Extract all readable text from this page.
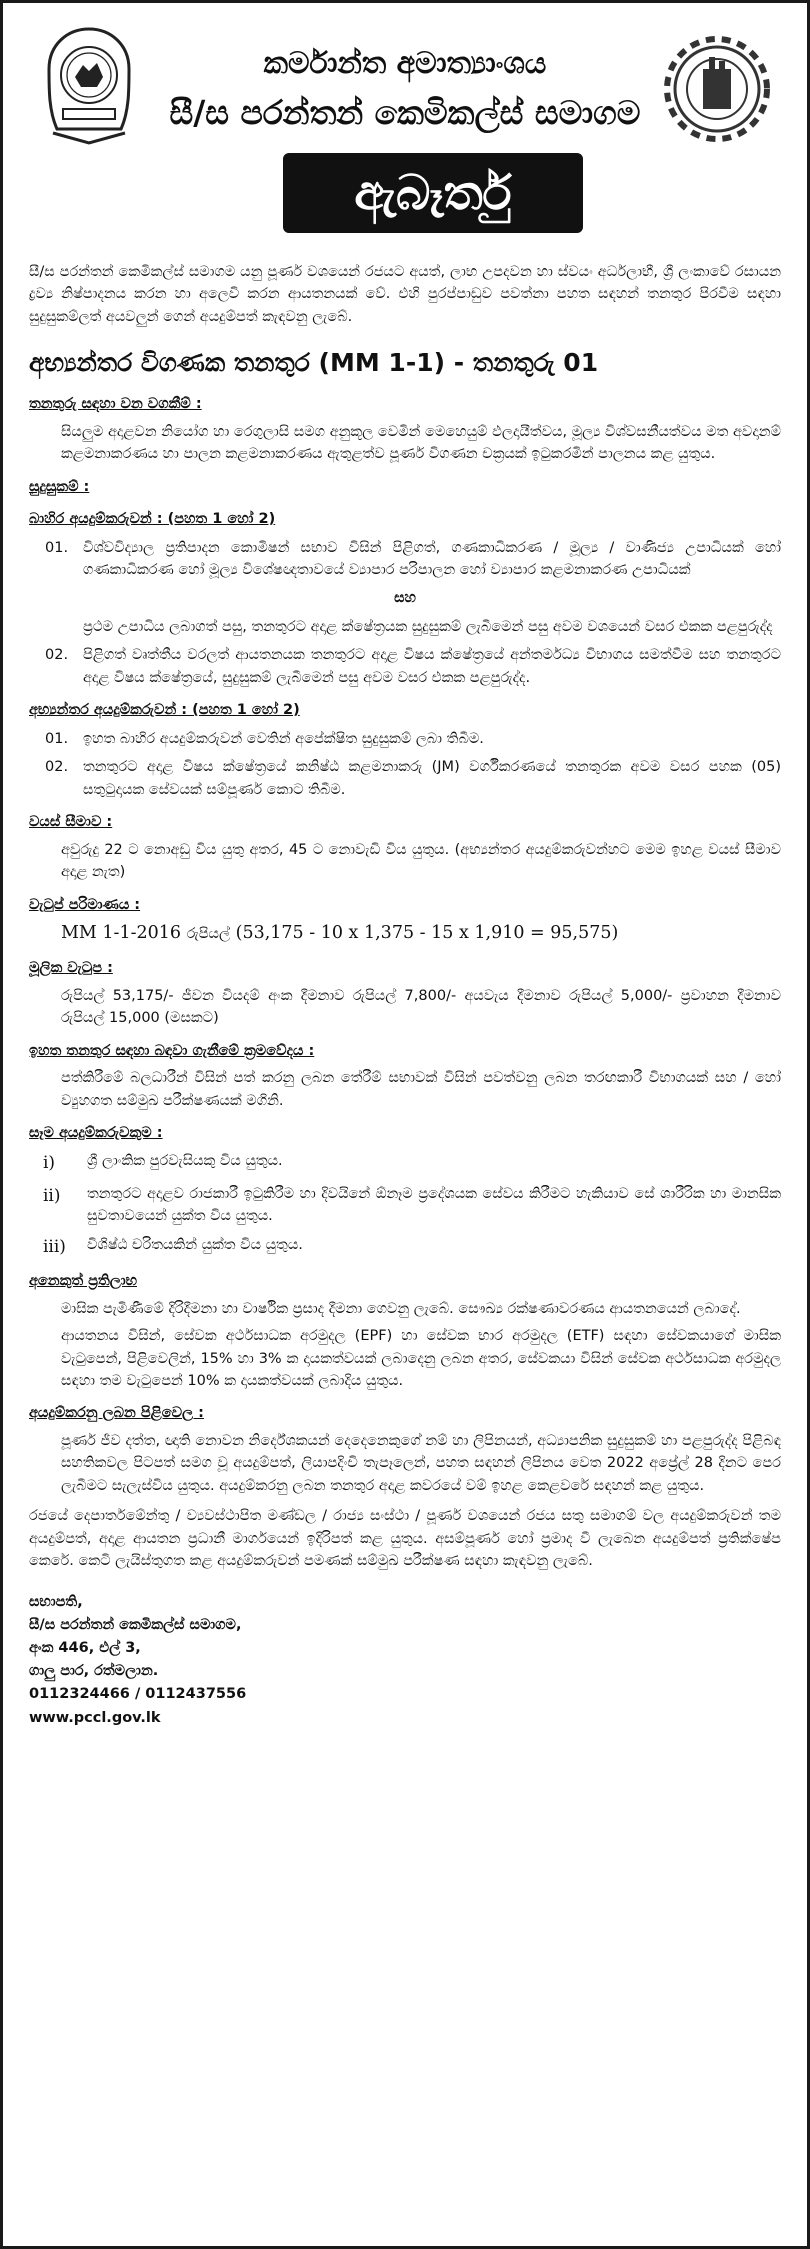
කර්මාන්ත අමාත්‍යාංශය
සී/ස පරන්තන් කෙමිකල්ස් සමාගම
ඇබෑර්තු

සී/ස පරන්තන් කෙමිකල්ස් සමාගම යනු පූර්ණ වශයෙන් රජයට අයත්, ලාභ උපදවන හා ස්වයං අර්ධලාභී, ශ්‍රී ලංකාවේ රසායන ද්‍රව්‍ය නිෂ්පාදනය කරන හා අලෙවි කරන ආයතනයක් වේ. එහි පුරප්පාඩුව පවත්නා පහත සඳහන් තනතුර පිරවීම සඳහා සුදුසුකම්ලත් අයවලුන් ගෙන් අයදුම්පත් කැඳවනු ලැබේ.

අභ්‍යන්තර විගණක තනතුර (MM 1-1) - තනතුරු 01
තනතුරු සඳහා වන වගකීම් :

සියලුම අදාළවන නියෝග හා රෙගුලාසි සමග අනුකූල වෙමින් මෙහෙයුම් ඵලදායීත්වය, මූල්‍ය විශ්වසනීයත්වය මත අවදානම් කළමනාකරණය හා පාලන කළමනාකරණය ඇතුළත්ව පූර්ණ විගණන චක්‍රයක් ඉටුකරමින් පාලනය කළ යුතුය.

සුදුසුකම් :
බාහිර අයදුම්කරුවන් : (පහත 1 හෝ 2)
01.	විශ්වවිද්‍යාල ප්‍රතිපාදන කොමිෂන් සභාව විසින් පිළිගත්, ගණකාධිකරණ / මූල්‍ය / වාණිජ්‍ය උපාධියක් හෝ ගණකාධිකරණ හෝ මූල්‍ය විශේෂඥතාවයේ ව්‍යාපාර පරිපාලන හෝ ව්‍යාපාර කළමනාකරණ උපාධියක්
සහ

ප්‍රථම උපාධිය ලබාගත් පසු, තනතුරට අදාළ ක්ෂේත්‍රයක සුදුසුකම් ලැබීමෙන් පසු අවම වශයෙන් වසර එකක පළපුරුද්ද

02.	පිළිගත් වෘත්තීය වරලත් ආයතනයක තනතුරට අදාළ විෂය ක්ෂේත්‍රයේ අන්තර්මධ්‍ය විභාගය සමත්වීම සහ තනතුරට අදාළ විෂය ක්ෂේත්‍රයේ, සුදුසුකම් ලැබීමෙන් පසු අවම වසර එකක පළපුරුද්ද.
අභ්‍යන්තර අයදුම්කරුවන් : (පහත 1 හෝ 2)
01.	ඉහත බාහිර අයදුම්කරුවන් වෙතින් අපේක්ෂිත සුදුසුකම් ලබා තිබීම.
02.	තනතුරට අදාළ විෂය ක්ෂේත්‍රයේ කනිෂ්ඨ කළමනාකරු (JM) වර්ගීකරණයේ තනතුරක අවම වසර පහක (05) සතුටුදායක සේවයක් සම්පූර්ණ කොට තිබීම.
වයස් සීමාව :

අවුරුදු 22 ට නොඅඩු විය යුතු අතර, 45 ට නොවැඩි විය යුතුය. (අභ්‍යන්තර අයදුම්කරුවන්හට මෙම ඉහළ වයස් සීමාව අදාළ නැත)

වැටුප් පරිමාණය :
MM 1-1-2016 රුපියල් (53,175 - 10 x 1,375 - 15 x 1,910 = 95,575)
මූලික වැටුප :

රුපියල් 53,175/- ජීවන වියදම් අංක දීමනාව රුපියල් 7,800/- අයවැය දීමනාව රුපියල් 5,000/- ප්‍රවාහන දීමනාව රුපියල් 15,000 (මසකට)

ඉහත තනතුර සඳහා බඳවා ගැනීමේ ක්‍රමවේදය :

පත්කිරීමේ බලධාරීන් විසින් පත් කරනු ලබන තේරීම් සභාවක් විසින් පවත්වනු ලබන තරඟකාරී විභාගයක් සහ / හෝ ව්‍යුහගත සම්මුඛ පරීක්ෂණයක් මගිනි.

සෑම අයදුම්කරුවකුම :
i)	ශ්‍රී ලාංකික පුරවැසියකු විය යුතුය.
ii)	තනතුරට අදාළව රාජකාරී ඉටුකිරීම හා දිවයිනේ ඕනෑම ප්‍රදේශයක සේවය කිරීමට හැකියාව සේ ශාරීරික හා මානසික සුවතාවයෙන් යුක්ත විය යුතුය.
iii)	විශිෂ්ඨ චරිතයකින් යුක්ත විය යුතුය.
අනෙකුත් ප්‍රතිලාභ

මාසික පැමිණීමේ දිරිදීමනා හා වාර්ෂික ප්‍රසාද දීමනා ගෙවනු ලැබේ. සෞඛ්‍ය රක්ෂණාවරණය ආයතනයෙන් ලබාදේ.

ආයතනය විසින්, සේවක අර්ථසාධක අරමුදල (EPF) හා සේවක භාර අරමුදල (ETF) සඳහා සේවකයාගේ මාසික වැටුපෙන්, පිළිවෙලින්, 15% හා 3% ක දායකත්වයක් ලබාදෙනු ලබන අතර, සේවකයා විසින් සේවක අර්ථසාධක අරමුදල සඳහා තම වැටුපෙන් 10% ක දායකත්වයක් ලබාදිය යුතුය.

අයදුම්කරනු ලබන පිළිවෙල :

පූර්ණ ජීව දත්ත, ඥාති නොවන නිර්දේශකයන් දෙදෙනෙකුගේ නම් හා ලිපිනයන්, අධ්‍යාපනික සුදුසුකම් හා පළපුරුද්ද පිළිබඳ සහතිකවල පිටපත් සමග වූ අයදුම්පත්, ලියාපදිංචි තැපෑලෙන්, පහත සඳහන් ලිපිනය වෙත 2022 අප්‍රේල් 28 දිනට පෙර ලැබීමට සැලැස්විය යුතුය. අයදුම්කරනු ලබන තනතුර අදාළ කවරයේ වම් ඉහළ කෙළවරේ සඳහන් කළ යුතුය.

රජයේ දෙපාර්තමේන්තු / ව්‍යවස්ථාපිත මණ්ඩල / රාජ්‍ය සංස්ථා / පූර්ණ වශයෙන් රජය සතු සමාගම් වල අයදුම්කරුවන් තම අයදුම්පත්, අදාළ ආයතන ප්‍රධානී මාර්ගයෙන් ඉදිරිපත් කළ යුතුය. අසම්පූර්ණ හෝ ප්‍රමාද වී ලැබෙන අයදුම්පත් ප්‍රතික්ෂේප කෙරේ. කෙටි ලැයිස්තුගත කළ අයදුම්කරුවන් පමණක් සම්මුඛ පරීක්ෂණ සඳහා කැඳවනු ලැබේ.

සභාපති,
සී/ස පරන්තන් කෙමිකල්ස් සමාගම,
අංක 446, එල් 3,
ගාලු පාර, රත්මලාන.
0112324466 / 0112437556
www.pccl.gov.lk
